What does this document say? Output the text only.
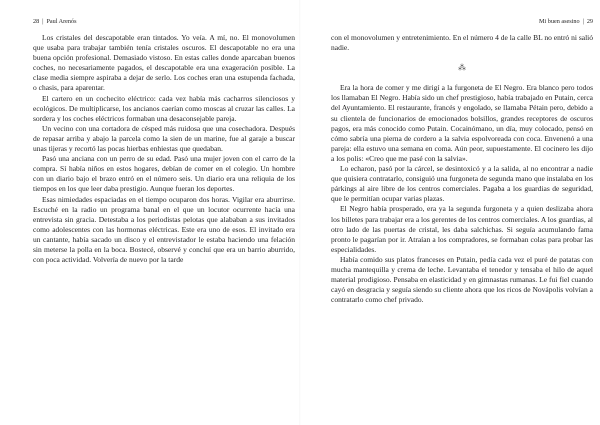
28 | Paul Arenós

Los cristales del descapotable eran tintados. Yo veía. A mí, no. El monovolumen que usaba para trabajar también tenía cristales oscuros. El descapotable no era una buena opción profesional. Demasiado vistoso. En estas calles donde aparcaban buenos coches, no necesariamente pagados, el descapotable era una exageración posible. La clase media siempre aspiraba a dejar de serlo. Los coches eran una estupenda fachada, o chasis, para aparentar.

El cartero en un cochecito eléctrico: cada vez había más cacharros silenciosos y ecológicos. De multiplicarse, los ancianos caerían como moscas al cruzar las calles. La sordera y los coches eléctricos formaban una desaconsejable pareja.

Un vecino con una cortadora de césped más ruidosa que una cosechadora. Después de repasar arriba y abajo la parcela como la sien de un marine, fue al garaje a buscar unas tijeras y recortó las pocas hierbas enhiestas que quedaban.

Pasó una anciana con un perro de su edad. Pasó una mujer joven con el carro de la compra. Sí había niños en estos hogares, debían de comer en el colegio. Un hombre con un diario bajo el brazo entró en el número seis. Un diario era una reliquia de los tiempos en los que leer daba prestigio. Aunque fueran los deportes.

Esas nimiedades espaciadas en el tiempo ocuparon dos horas. Vigilar era aburrirse. Escuché en la radio un programa banal en el que un locutor ocurrente hacía una entrevista sin gracia. Detestaba a los periodistas pelotas que alababan a sus invitados como adolescentes con las hormonas eléctricas. Este era uno de esos. El invitado era un cantante, había sacado un disco y el entrevistador le estaba haciendo una felación sin meterse la polla en la boca. Bostecé, observé y concluí que era un barrio aburrido, con poca actividad. Volvería de nuevo por la tarde

Mi buen asesino | 29

con el monovolumen y entretenimiento. En el número 4 de la calle BL no entró ni salió nadie.

⁂

Era la hora de comer y me dirigí a la furgoneta de El Negro. Era blanco pero todos los llamaban El Negro. Había sido un chef prestigioso, había trabajado en Putain, cerca del Ayuntamiento. El restaurante, francés y engolado, se llamaba Pétain pero, debido a su clientela de funcionarios de emocionados bolsillos, grandes receptores de oscuros pagos, era más conocido como Putain. Cocainómano, un día, muy colocado, pensó en cómo sabría una pierna de cordero a la salvia espolvoreada con coca. Envenenó a una pareja: ella estuvo una semana en coma. Aún peor, supuestamente. El cocinero les dijo a los polis: «Creo que me pasé con la salvia».

Lo echaron, pasó por la cárcel, se desintoxicó y a la salida, al no encontrar a nadie que quisiera contratarlo, consiguió una furgoneta de segunda mano que instalaba en los párkings al aire libre de los centros comerciales. Pagaba a los guardias de seguridad, que le permitían ocupar varias plazas.

El Negro había prosperado, era ya la segunda furgoneta y a quien deslizaba ahora los billetes para trabajar era a los gerentes de los centros comerciales. A los guardias, al otro lado de las puertas de cristal, les daba salchichas. Si seguía acumulando fama pronto le pagarían por ir. Atraían a los compradores, se formaban colas para probar las especialidades.

Había comido sus platos franceses en Putain, pedía cada vez el puré de patatas con mucha mantequilla y crema de leche. Levantaba el tenedor y tensaba el hilo de aquel material prodigioso. Pensaba en elasticidad y en gimnastas rumanas. Le fui fiel cuando cayó en desgracia y seguía siendo su cliente ahora que los ricos de Novápolis volvían a contratarlo como chef privado.
